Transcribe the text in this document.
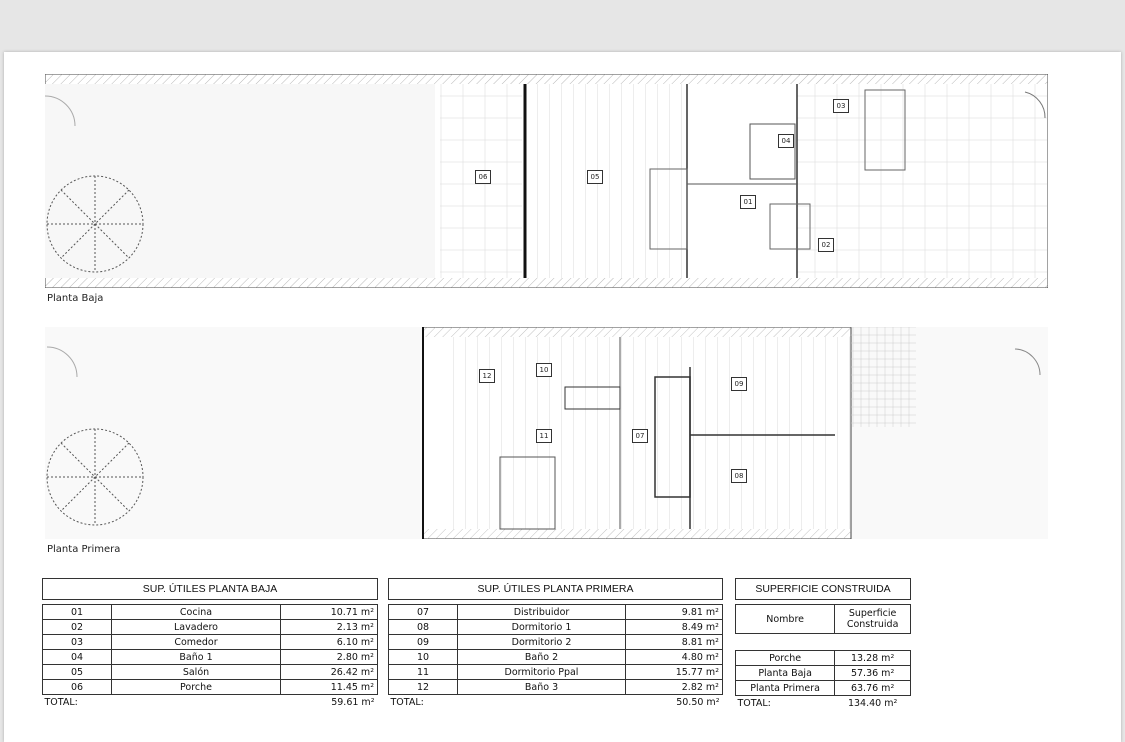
06	05
04
03
01
02
Planta Baja
12
10
11	07
09
08
Planta Primera
SUP. ÚTILES PLANTA BAJA		

01	Cocina	10.71 m²
02	Lavadero	2.13 m²
03	Comedor	6.10 m²
04	Baño 1	2.80 m²
05	Salón	26.42 m²
06	Porche	11.45 m²
TOTAL:		59.61 m²
SUP. ÚTILES PLANTA PRIMERA		

07	Distribuidor	9.81 m²
08	Dormitorio 1	8.49 m²
09	Dormitorio 2	8.81 m²
10	Baño 2	4.80 m²
11	Dormitorio Ppal	15.77 m²
12	Baño 3	2.82 m²
TOTAL:		50.50 m²
SUPERFICIE CONSTRUIDA	

Nombre	Superficie
Construida

Porche	13.28 m²
Planta Baja	57.36 m²
Planta Primera	63.76 m²
TOTAL:	134.40 m²
